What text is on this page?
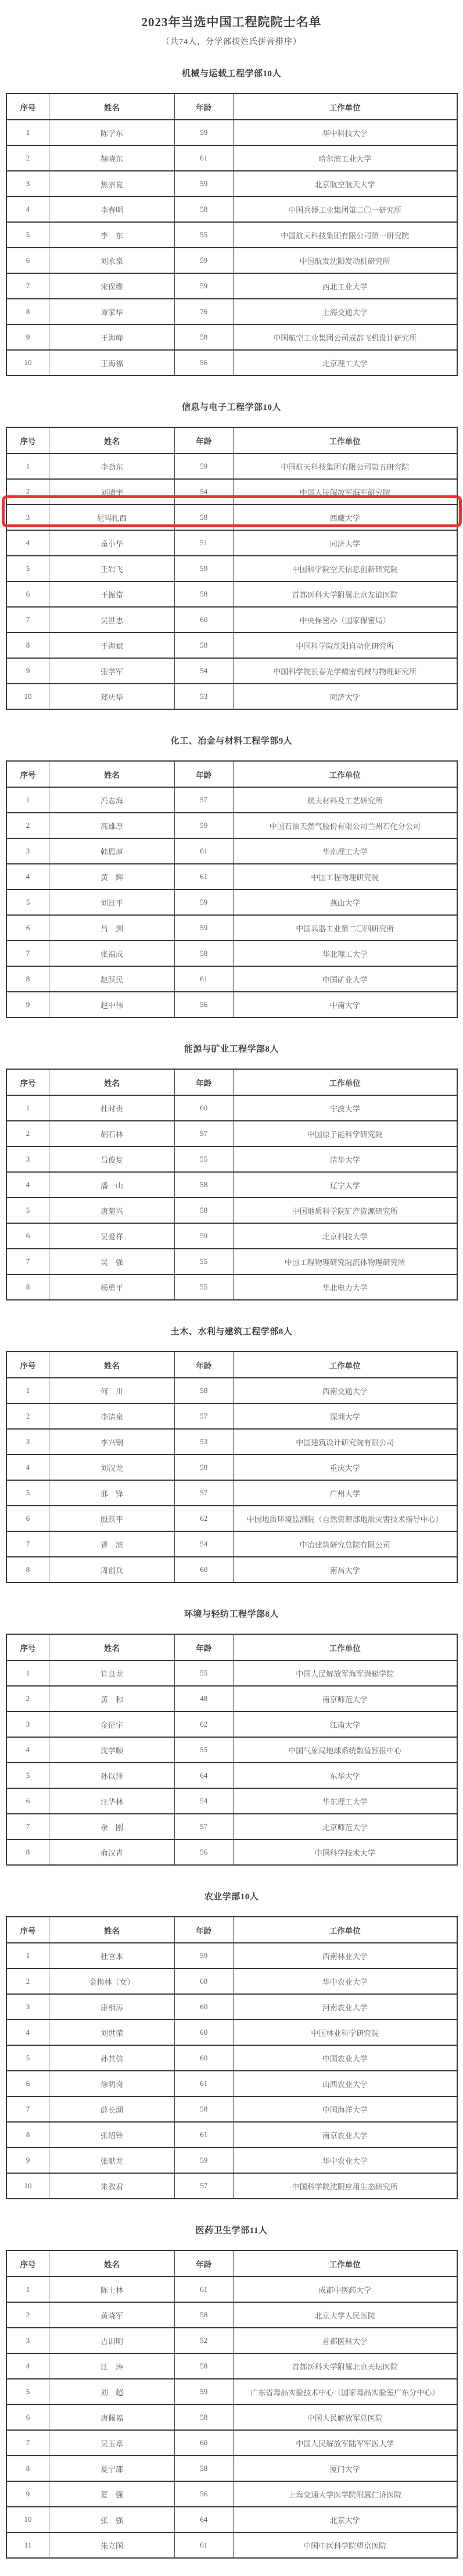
2023年当选中国工程院院士名单
（共74人，分学部按姓氏拼音排序）
机械与运载工程学部10人
序号	姓名	年龄	工作单位
1	陈学东	59	华中科技大学
2	赫晓东	61	哈尔滨工业大学
3	焦宗夏	59	北京航空航天大学
4	李春明	58	中国兵器工业集团第二〇一研究所
5	李　东	55	中国航天科技集团有限公司第一研究院
6	刘永泉	59	中国航发沈阳发动机研究所
7	宋保维	59	西北工业大学
8	谭家华	76	上海交通大学
9	王海峰	58	中国航空工业集团公司成都飞机设计研究所
10	王海福	56	北京理工大学
信息与电子工程学部10人
序号	姓名	年龄	工作单位
1	李劲东	59	中国航天科技集团有限公司第五研究院
2	刘清宇	54	中国人民解放军海军研究院
3	尼玛扎西	58	西藏大学
4	童小华	51	同济大学
5	王岩飞	59	中国科学院空天信息创新研究院
6	王振常	58	首都医科大学附属北京友谊医院
7	吴世忠	60	中央保密办（国家保密局）
8	于海斌	58	中国科学院沈阳自动化研究所
9	张学军	54	中国科学院长春光学精密机械与物理研究所
10	郑庆华	53	同济大学
化工、冶金与材料工程学部9人
序号	姓名	年龄	工作单位
1	冯志海	57	航天材料及工艺研究所
2	高雄厚	59	中国石油天然气股份有限公司兰州石化分公司
3	韩恩厚	61	华南理工大学
4	黄　辉	61	中国工程物理研究院
5	刘日平	59	燕山大学
6	吕　剑	59	中国兵器工业第二〇四研究所
7	张福成	58	华北理工大学
8	赵跃民	61	中国矿业大学
9	赵中伟	56	中南大学
能源与矿业工程学部8人
序号	姓名	年龄	工作单位
1	杜时贵	60	宁波大学
2	胡石林	57	中国原子能科学研究院
3	吕俊复	55	清华大学
4	潘一山	58	辽宁大学
5	唐菊兴	58	中国地质科学院矿产资源研究所
6	吴爱祥	59	北京科技大学
7	吴　强	55	中国工程物理研究院流体物理研究所
8	杨勇平	55	华北电力大学
土木、水利与建筑工程学部8人
序号	姓名	年龄	工作单位
1	何　川	58	西南交通大学
2	李清泉	57	深圳大学
3	李兴钢	53	中国建筑设计研究院有限公司
4	刘汉龙	58	重庆大学
5	邢　锋	57	广州大学
6	殷跃平	62	中国地质环境监测院（自然资源部地质灾害技术指导中心）
7	曾　滨	54	中冶建筑研究总院有限公司
8	周创兵	60	南昌大学
环境与轻纺工程学部8人
序号	姓名	年龄	工作单位
1	笪良龙	55	中国人民解放军海军潜艇学院
2	黄　和	48	南京师范大学
3	金征宇	62	江南大学
4	沈学顺	55	中国气象局地球系统数值预报中心
5	孙以泽	64	东华大学
6	汪华林	54	华东理工大学
7	余　刚	57	北京师范大学
8	俞汉青	56	中国科学技术大学
农业学部10人
序号	姓名	年龄	工作单位
1	杜官本	59	西南林业大学
2	金梅林（女）	68	华中农业大学
3	康相涛	60	河南农业大学
4	刘世荣	60	中国林业科学研究院
5	孙其信	60	中国农业大学
6	徐明岗	61	山西农业大学
7	薛长湖	58	中国海洋大学
8	张绍铃	61	南京农业大学
9	张献龙	59	华中农业大学
10	朱教君	57	中国科学院沈阳应用生态研究所
医药卫生学部11人
序号	姓名	年龄	工作单位
1	陈士林	61	成都中医药大学
2	黄晓军	58	北京大学人民医院
3	吉训明	52	首都医科大学
4	江　涛	58	首都医科大学附属北京天坛医院
5	刘　超	59	广东省毒品实验技术中心（国家毒品实验室广东分中心）
6	唐佩福	58	中国人民解放军总医院
7	吴玉章	60	中国人民解放军陆军军医大学
8	夏宁邵	58	厦门大学
9	夏　强	56	上海交通大学医学院附属仁济医院
10	张　强	64	北京大学
11	朱立国	61	中国中医科学院望京医院
